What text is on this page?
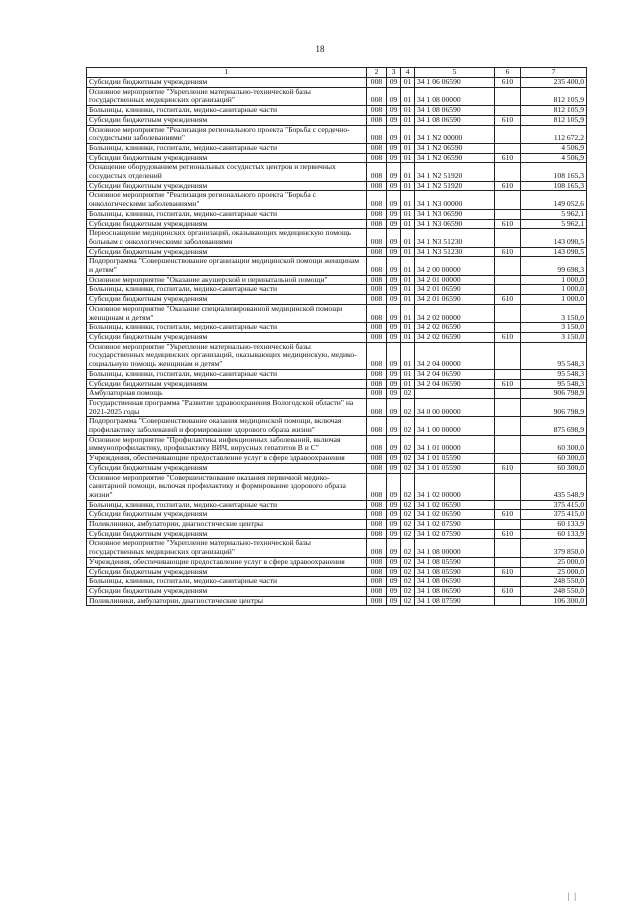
18
1	2	3	4	5	6	7
Субсидии бюджетным учреждениям	008	09	01	34 1 06 06590	610	235 400,0
Основное мероприятие "Укрепление материально-технической базы государственных медицинских организаций"	008	09	01	34 1 08 00000		812 105,9
Больницы, клиники, госпитали, медико-санитарные части	008	09	01	34 1 08 06590		812 105,9
Субсидии бюджетным учреждениям	008	09	01	34 1 08 06590	610	812 105,9
Основное мероприятие "Реализация регионального проекта "Борьба с сердечно-сосудистыми заболеваниями"	008	09	01	34 1 N2 00000		112 672,2
Больницы, клиники, госпитали, медико-санитарные части	008	09	01	34 1 N2 06590		4 506,9
Субсидии бюджетным учреждениям	008	09	01	34 1 N2 06590	610	4 506,9
Оснащение оборудованием региональных сосудистых центров и первичных сосудистых отделений	008	09	01	34 1 N2 51920		108 165,3
Субсидии бюджетным учреждениям	008	09	01	34 1 N2 51920	610	108 165,3
Основное мероприятие "Реализация регионального проекта "Борьба с онкологическими заболеваниями"	008	09	01	34 1 N3 00000		149 052,6
Больницы, клиники, госпитали, медико-санитарные части	008	09	01	34 1 N3 06590		5 962,1
Субсидии бюджетным учреждениям	008	09	01	34 1 N3 06590	610	5 962,1
Переоснащение медицинских организаций, оказывающих медицинскую помощь больным с онкологическими заболеваниями	008	09	01	34 1 N3 51230		143 090,5
Субсидии бюджетным учреждениям	008	09	01	34 1 N3 51230	610	143 090,5
Подпрограмма "Совершенствование организации медицинской помощи женщинам и детям"	008	09	01	34 2 00 00000		99 698,3
Основное мероприятие "Оказание акушерской и перинатальной помощи"	008	09	01	34 2 01 00000		1 000,0
Больницы, клиники, госпитали, медико-санитарные части	008	09	01	34 2 01 06590		1 000,0
Субсидии бюджетным учреждениям	008	09	01	34 2 01 06590	610	1 000,0
Основное мероприятие "Оказание специализированной медицинской помощи женщинам и детям"	008	09	01	34 2 02 00000		3 150,0
Больницы, клиники, госпитали, медико-санитарные части	008	09	01	34 2 02 06590		3 150,0
Субсидии бюджетным учреждениям	008	09	01	34 2 02 06590	610	3 150,0
Основное мероприятие "Укрепление материально-технической базы государственных медицинских организаций, оказывающих медицинскую, медико-социальную помощь женщинам и детям"	008	09	01	34 2 04 00000		95 548,3
Больницы, клиники, госпитали, медико-санитарные части	008	09	01	34 2 04 06590		95 548,3
Субсидии бюджетным учреждениям	008	09	01	34 2 04 06590	610	95 548,3
Амбулаторная помощь	008	09	02			906 798,9
Государственная программа "Развитие здравоохранения Вологодской области" на 2021-2025 годы	008	09	02	34 0 00 00000		906 798,9
Подпрограмма "Совершенствование оказания медицинской помощи, включая профилактику заболеваний и формирование здорового образа жизни"	008	09	02	34 1 00 00000		875 698,9
Основное мероприятие "Профилактика инфекционных заболеваний, включая иммунопрофилактику, профилактику ВИЧ, вирусных гепатитов В и С"	008	09	02	34 1 01 00000		60 300,0
Учреждения, обеспечивающие предоставление услуг в сфере здравоохранения	008	09	02	34 1 01 05590		60 300,0
Субсидии бюджетным учреждениям	008	09	02	34 1 01 05590	610	60 300,0
Основное мероприятие "Совершенствование оказания первичной медико-санитарной помощи, включая профилактику и формирование здорового образа жизни"	008	09	02	34 1 02 00000		435 548,9
Больницы, клиники, госпитали, медико-санитарные части	008	09	02	34 1 02 06590		375 415,0
Субсидии бюджетным учреждениям	008	09	02	34 1 02 06590	610	375 415,0
Поликлиники, амбулатории, диагностические центры	008	09	02	34 1 02 07590		60 133,9
Субсидии бюджетным учреждениям	008	09	02	34 1 02 07590	610	60 133,9
Основное мероприятие "Укрепление материально-технической базы государственных медицинских организаций"	008	09	02	34 1 08 00000		379 850,0
Учреждения, обеспечивающие предоставление услуг в сфере здравоохранения	008	09	02	34 1 08 05590		25 000,0
Субсидии бюджетным учреждениям	008	09	02	34 1 08 05590	610	25 000,0
Больницы, клиники, госпитали, медико-санитарные части	008	09	02	34 1 08 06590		248 550,0
Субсидии бюджетным учреждениям	008	09	02	34 1 08 06590	610	248 550,0
Поликлиники, амбулатории, диагностические центры	008	09	02	34 1 08 07590		106 300,0
│ │
